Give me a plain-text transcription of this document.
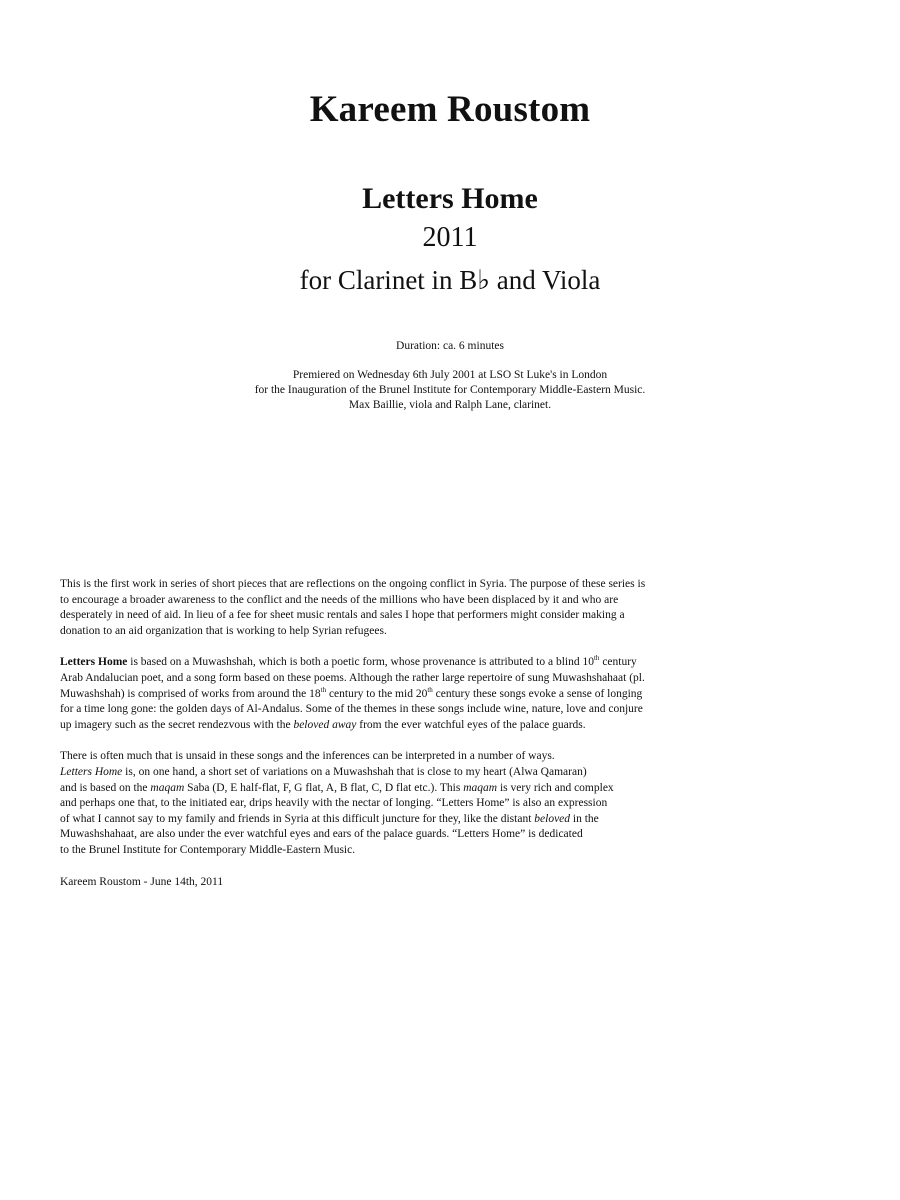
Kareem Roustom
Letters Home
2011
for Clarinet in B♭ and Viola
Duration: ca. 6 minutes
Premiered on Wednesday 6th July 2001 at LSO St Luke's in London
for the Inauguration of the Brunel Institute for Contemporary Middle-Eastern Music.
Max Baillie, viola and Ralph Lane, clarinet.
This is the first work in series of short pieces that are reflections on the ongoing conflict in Syria. The purpose of these series is
to encourage a broader awareness to the conflict and the needs of the millions who have been displaced by it and who are
desperately in need of aid. In lieu of a fee for sheet music rentals and sales I hope that performers might consider making a
donation to an aid organization that is working to help Syrian refugees.
Letters Home is based on a Muwashshah, which is both a poetic form, whose provenance is attributed to a blind 10th century
Arab Andalucian poet, and a song form based on these poems. Although the rather large repertoire of sung Muwashshahaat (pl.
Muwashshah) is comprised of works from around the 18th century to the mid 20th century these songs evoke a sense of longing
for a time long gone: the golden days of Al-Andalus. Some of the themes in these songs include wine, nature, love and conjure
up imagery such as the secret rendezvous with the beloved away from the ever watchful eyes of the palace guards.
There is often much that is unsaid in these songs and the inferences can be interpreted in a number of ways.
Letters Home is, on one hand, a short set of variations on a Muwashshah that is close to my heart (Alwa Qamaran)
and is based on the maqam Saba (D, E half-flat, F, G flat, A, B flat, C, D flat etc.). This maqam is very rich and complex
and perhaps one that, to the initiated ear, drips heavily with the nectar of longing. “Letters Home” is also an expression
of what I cannot say to my family and friends in Syria at this difficult juncture for they, like the distant beloved in the
Muwashshahaat, are also under the ever watchful eyes and ears of the palace guards. “Letters Home” is dedicated
to the Brunel Institute for Contemporary Middle-Eastern Music.
Kareem Roustom - June 14th, 2011
